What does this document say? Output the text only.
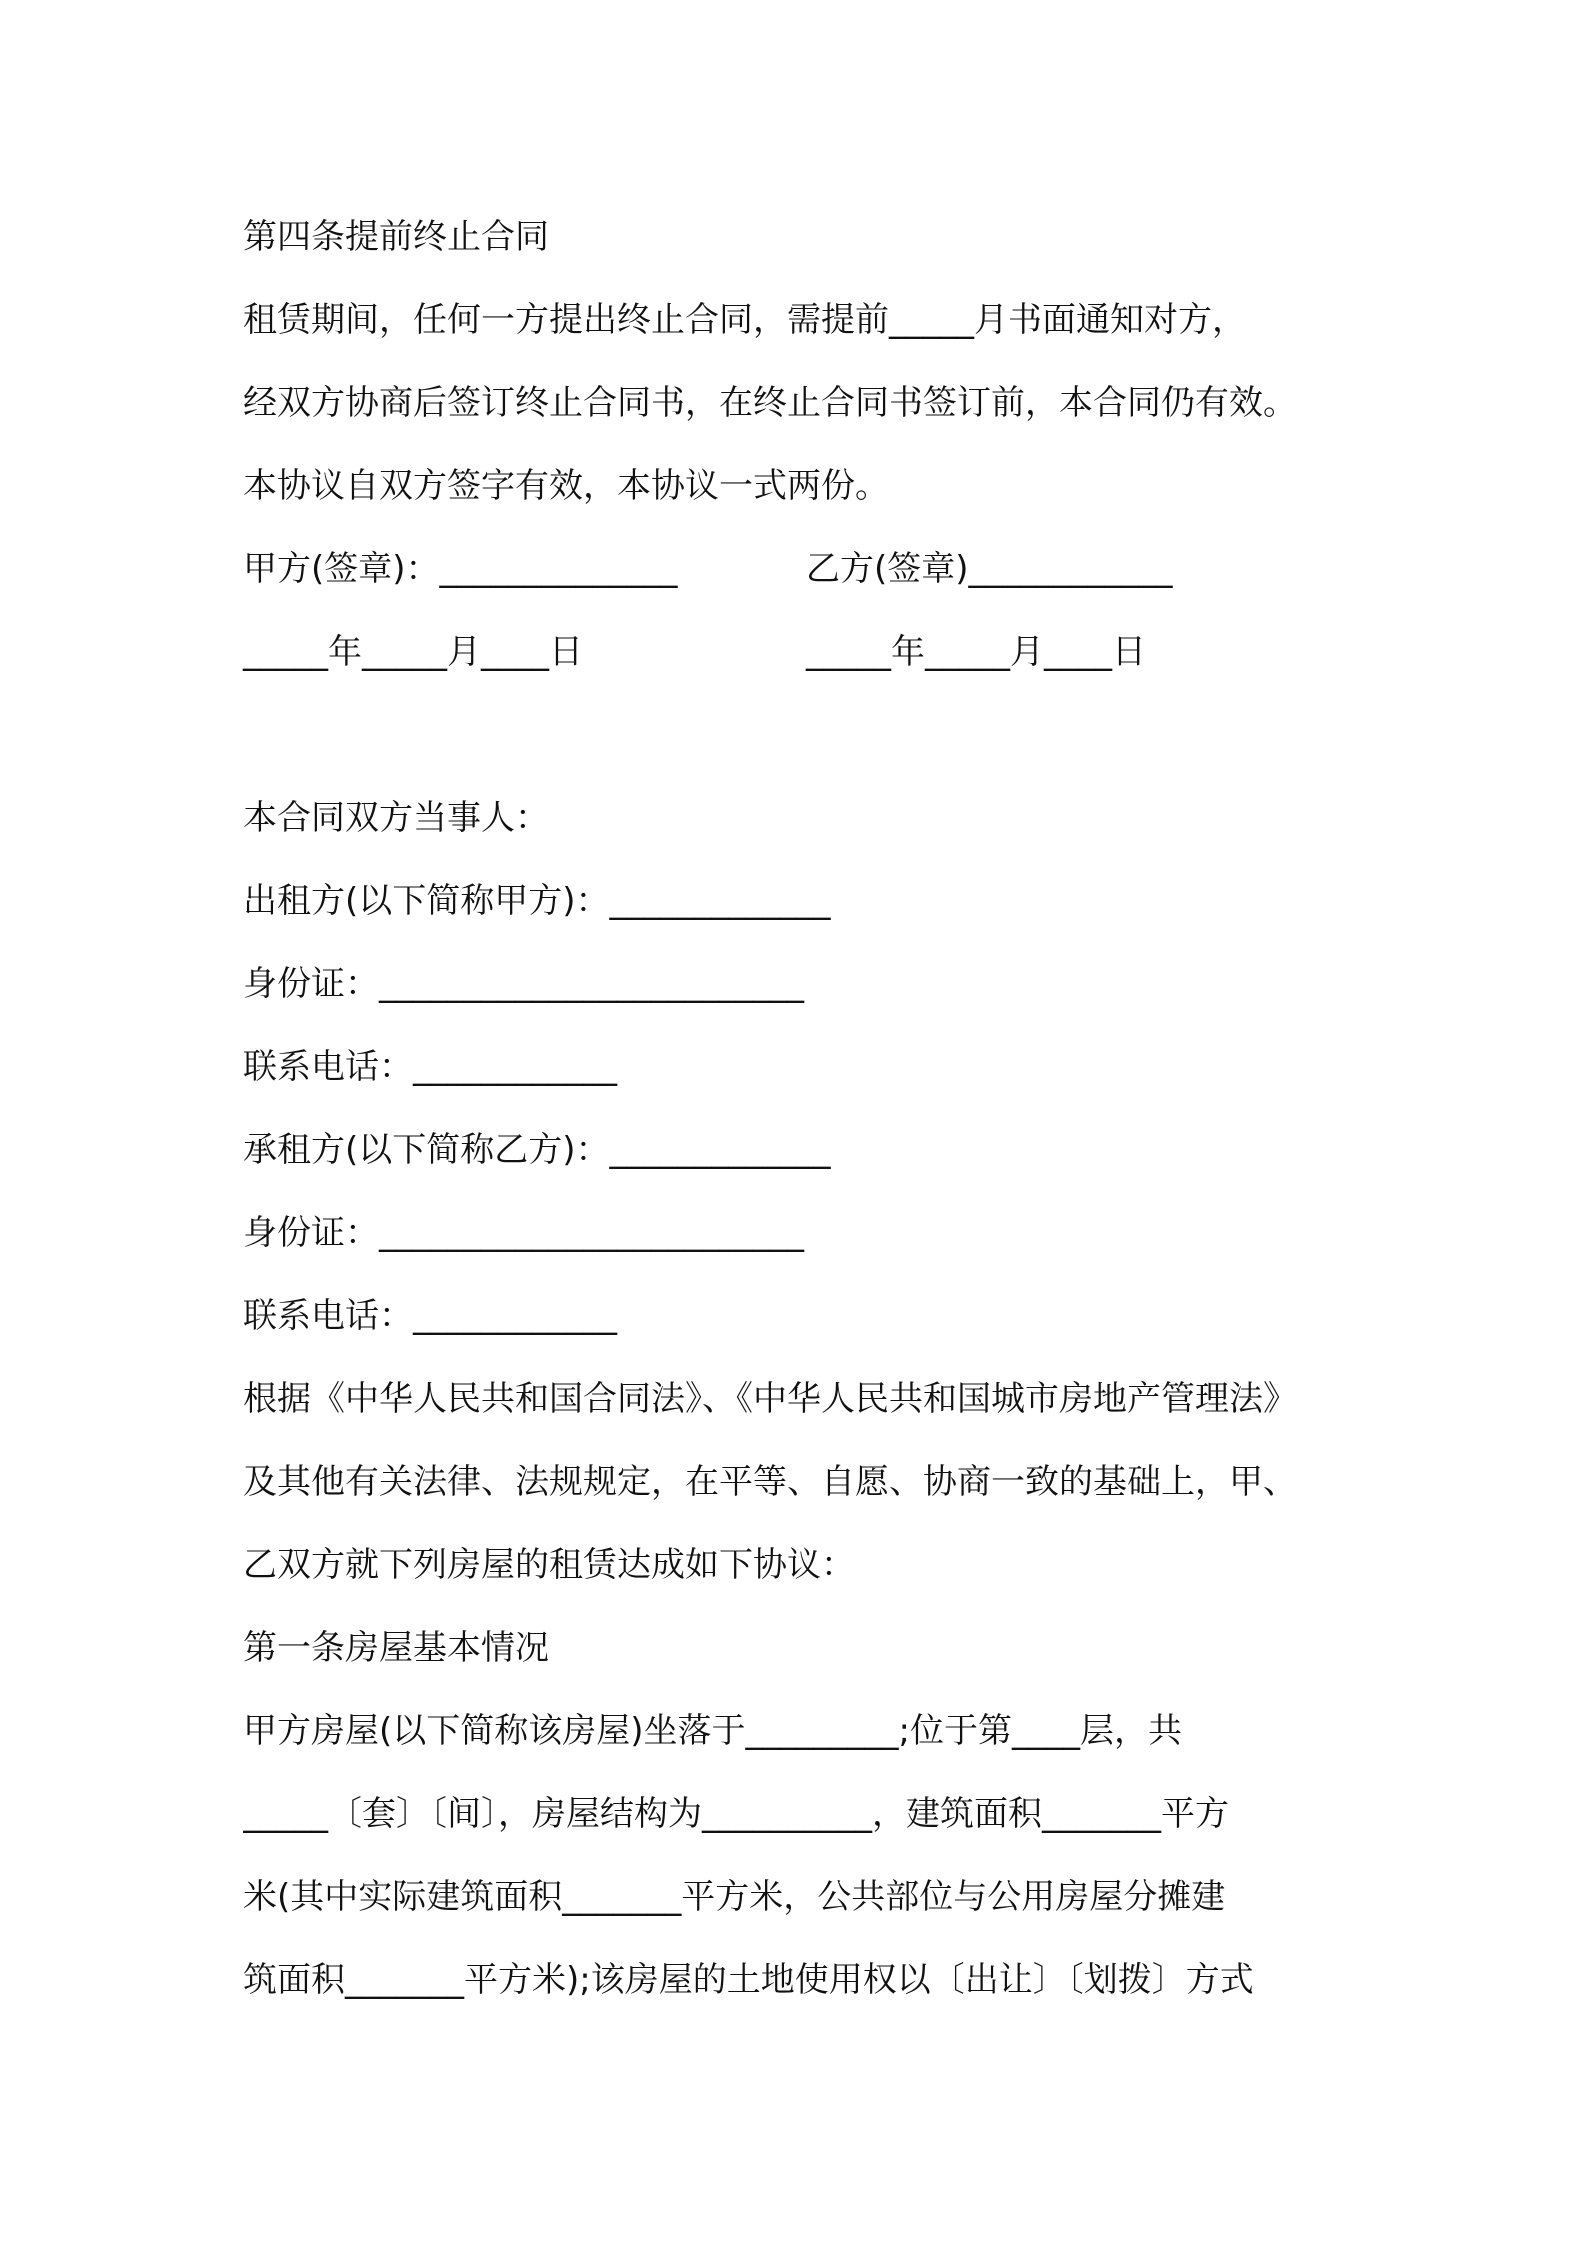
第四条提前终止合同
租赁期间，任何一方提出终止合同，需提前_____月书面通知对方，
经双方协商后签订终止合同书，在终止合同书签订前，本合同仍有效。
本协议自双方签字有效，本协议一式两份。
甲方(签章)：______________	乙方(签章)____________
_____年_____月____日	_____年_____月____日
本合同双方当事人：
出租方(以下简称甲方)：_____________
身份证：_________________________
联系电话：____________
承租方(以下简称乙方)：_____________
身份证：_________________________
联系电话：____________
根据《中华人民共和国合同法》、《中华人民共和国城市房地产管理法》
及其他有关法律、法规规定，在平等、自愿、协商一致的基础上，甲、
乙双方就下列房屋的租赁达成如下协议：
第一条房屋基本情况
甲方房屋(以下简称该房屋)坐落于_________;位于第____层，共
_____〔套〕〔间〕，房屋结构为__________，建筑面积_______平方
米(其中实际建筑面积_______平方米，公共部位与公用房屋分摊建
筑面积_______平方米);该房屋的土地使用权以〔出让〕〔划拨〕方式
